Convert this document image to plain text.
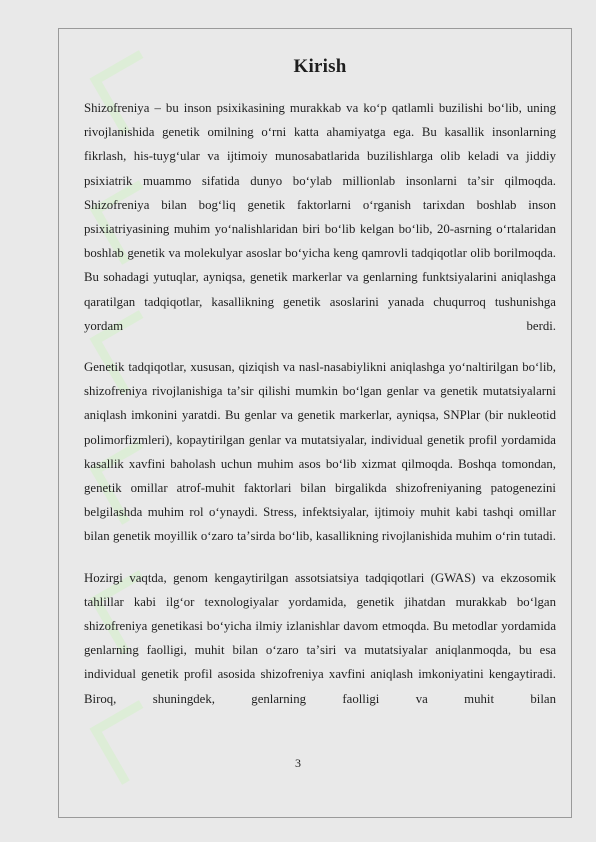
Kirish

Shizofreniya – bu inson psixikasining murakkab va koʻp qatlamli buzilishi boʻlib, uning rivojlanishida genetik omilning oʻrni katta ahamiyatga ega. Bu kasallik insonlarning fikrlash, his-tuygʻular va ijtimoiy munosabatlarida buzilishlarga olib keladi va jiddiy psixiatrik muammo sifatida dunyo boʻylab millionlab insonlarni taʼsir qilmoqda. Shizofreniya bilan bogʻliq genetik faktorlarni oʻrganish tarixdan boshlab inson psixiatriyasining muhim yoʻnalishlaridan biri boʻlib kelgan boʻlib, 20-asrning oʻrtalaridan boshlab genetik va molekulyar asoslar boʻyicha keng qamrovli tadqiqotlar olib borilmoqda. Bu sohadagi yutuqlar, ayniqsa, genetik markerlar va genlarning funktsiyalarini aniqlashga qaratilgan tadqiqotlar, kasallikning genetik asoslarini yanada chuqurroq tushunishga yordam berdi.

Genetik tadqiqotlar, xususan, qiziqish va nasl-nasabiylikni aniqlashga yoʻnaltirilgan boʻlib, shizofreniya rivojlanishiga taʼsir qilishi mumkin boʻlgan genlar va genetik mutatsiyalarni aniqlash imkonini yaratdi. Bu genlar va genetik markerlar, ayniqsa, SNPlar (bir nukleotid polimorfizmleri), kopaytirilgan genlar va mutatsiyalar, individual genetik profil yordamida kasallik xavfini baholash uchun muhim asos boʻlib xizmat qilmoqda. Boshqa tomondan, genetik omillar atrof-muhit faktorlari bilan birgalikda shizofreniyaning patogenezini belgilashda muhim rol oʻynaydi. Stress, infektsiyalar, ijtimoiy muhit kabi tashqi omillar bilan genetik moyillik oʻzaro taʼsirda boʻlib, kasallikning rivojlanishida muhim oʻrin tutadi.

Hozirgi vaqtda, genom kengaytirilgan assotsiatsiya tadqiqotlari (GWAS) va ekzosomik tahlillar kabi ilgʻor texnologiyalar yordamida, genetik jihatdan murakkab boʻlgan shizofreniya genetikasi boʻyicha ilmiy izlanishlar davom etmoqda. Bu metodlar yordamida genlarning faolligi, muhit bilan oʻzaro taʼsiri va mutatsiyalar aniqlanmoqda, bu esa individual genetik profil asosida shizofreniya xavfini aniqlash imkoniyatini kengaytiradi. Biroq, shuningdek, genlarning faolligi va muhit bilan

3
